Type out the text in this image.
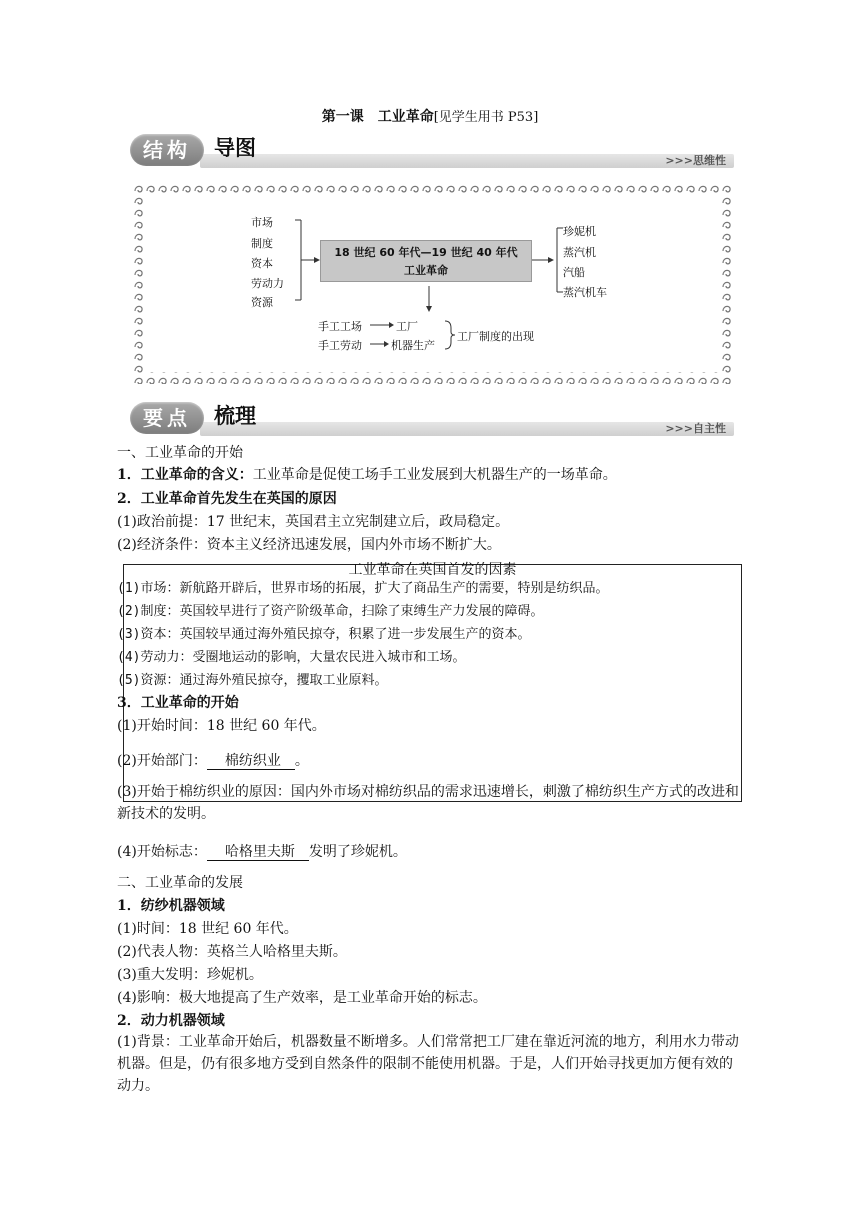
第一课　工业革命[见学生用书 P53]
结构	导图
>>>思维性
市场
制度
资本
劳动力
资源
18 世纪 60 年代—19 世纪 40 年代
工业革命
珍妮机
蒸汽机
汽船
蒸汽机车
手工工场	工厂
手工劳动	机器生产
工厂制度的出现
要点	梳理
>>>自主性
一、工业革命的开始
1．工业革命的含义：工业革命是促使工场手工业发展到大机器生产的一场革命。
2．工业革命首先发生在英国的原因
(1)政治前提：17 世纪末，英国君主立宪制建立后，政局稳定。
(2)经济条件：资本主义经济迅速发展，国内外市场不断扩大。
工业革命在英国首发的因素
(1)市场：新航路开辟后，世界市场的拓展，扩大了商品生产的需要，特别是纺织品。
(2)制度：英国较早进行了资产阶级革命，扫除了束缚生产力发展的障碍。
(3)资本：英国较早通过海外殖民掠夺，积累了进一步发展生产的资本。
(4)劳动力：受圈地运动的影响，大量农民进入城市和工场。
(5)资源：通过海外殖民掠夺，攫取工业原料。
3．工业革命的开始
(1)开始时间：18 世纪 60 年代。
(2)开始部门： 棉纺织业 。
(3)开始于棉纺织业的原因：国内外市场对棉纺织品的需求迅速增长，刺激了棉纺织生产方式的改进和新技术的发明。
(4)开始标志： 哈格里夫斯 发明了珍妮机。
二、工业革命的发展
1．纺纱机器领域
(1)时间：18 世纪 60 年代。
(2)代表人物：英格兰人哈格里夫斯。
(3)重大发明：珍妮机。
(4)影响：极大地提高了生产效率，是工业革命开始的标志。
2．动力机器领域
(1)背景：工业革命开始后，机器数量不断增多。人们常常把工厂建在靠近河流的地方，利用水力带动机器。但是，仍有很多地方受到自然条件的限制不能使用机器。于是，人们开始寻找更加方便有效的动力。
